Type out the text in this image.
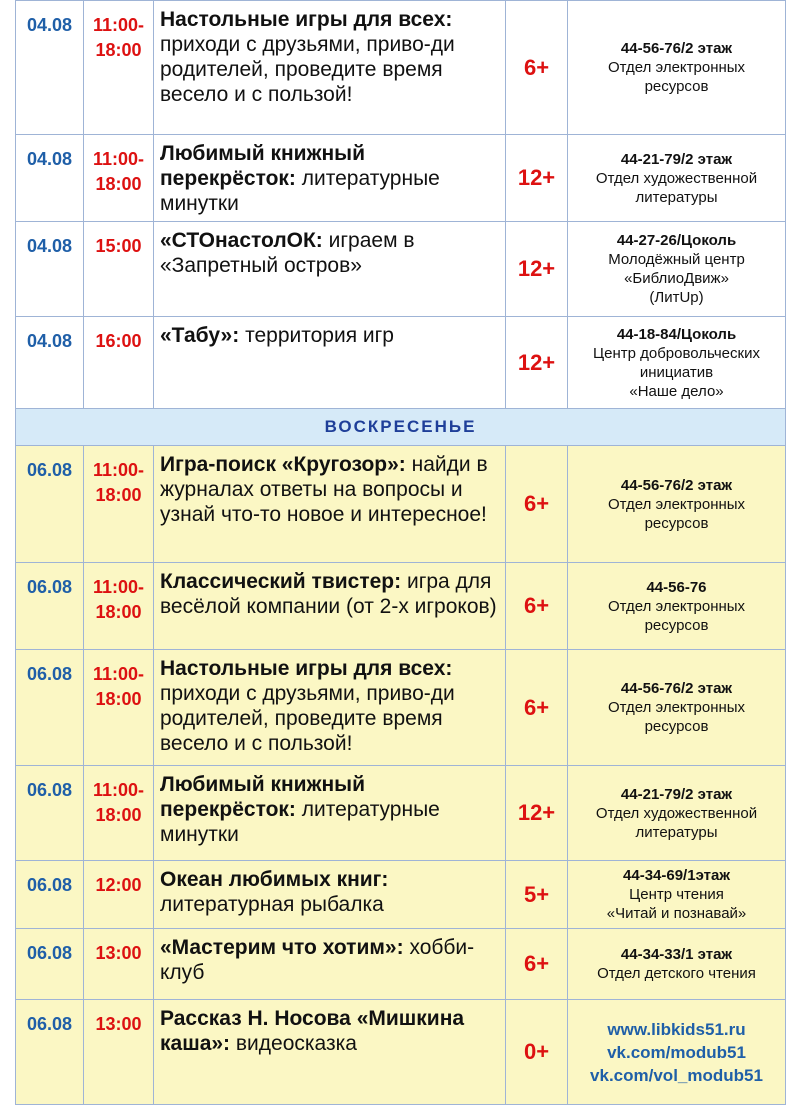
04.08	11:00-
18:00	Настольные игры для всех: приходи с друзьями, приво-ди родителей, проведите время весело и с пользой!	6+	44-56-76/2 этаж
Отдел электронных
ресурсов

04.08	11:00-
18:00	Любимый книжный перекрёсток: литературные минутки	12+	44-21-79/2 этаж
Отдел художественной
литературы

04.08	15:00	«СТОнастолОК: играем в «Запретный остров»	12+	44-27-26/Цоколь
Молодёжный центр
«БиблиоДвиж»
(ЛитUp)

04.08	16:00	«Табу»: территория игр	12+	44-18-84/Цоколь
Центр добровольческих
инициатив
«Наше дело»

ВОСКРЕСЕНЬЕ				
06.08	11:00-
18:00	Игра-поиск «Кругозор»: найди в журналах ответы на вопросы и узнай что-то новое и интересное!	6+	44-56-76/2 этаж
Отдел электронных
ресурсов

06.08	11:00-
18:00	Классический твистер: игра для весёлой компании (от 2-х игроков)	6+	44-56-76
Отдел электронных
ресурсов

06.08	11:00-
18:00	Настольные игры для всех: приходи с друзьями, приво-ди родителей, проведите время весело и с пользой!	6+	44-56-76/2 этаж
Отдел электронных
ресурсов

06.08	11:00-
18:00	Любимый книжный перекрёсток: литературные минутки	12+	44-21-79/2 этаж
Отдел художественной
литературы

06.08	12:00	Океан любимых книг: литературная рыбалка	5+	44-34-69/1этаж
Центр чтения
«Читай и познавай»

06.08	13:00	«Мастерим что хотим»: хобби-клуб	6+	44-34-33/1 этаж
Отдел детского чтения

06.08	13:00	Рассказ Н. Носова «Мишкина каша»: видеосказка	0+	www.libkids51.ru
vk.com/modub51
vk.com/vol_modub51
